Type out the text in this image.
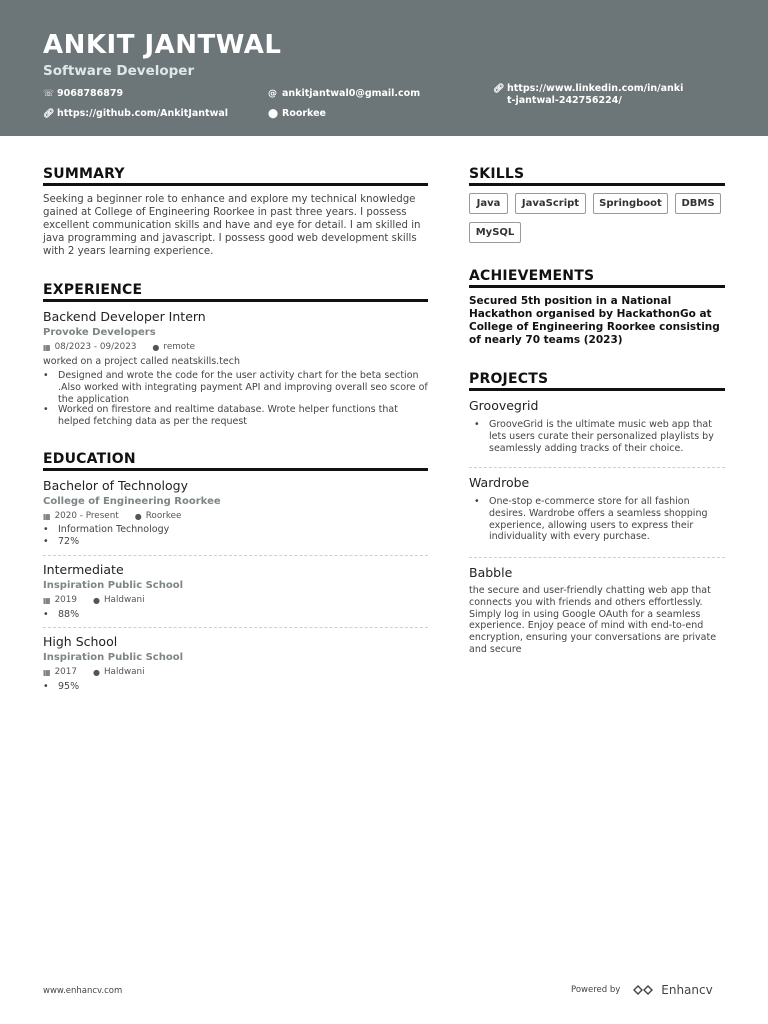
ANKIT JANTWAL
Software Developer
☏ 9068786879	@ ankitjantwal0@gmail.com	🔗︎ https://www.linkedin.com/in/ankit-jantwal-242756224/
🔗︎ https://github.com/AnkitJantwal	⬤ Roorkee
SUMMARY
Seeking a beginner role to enhance and explore my technical knowledge gained at College of Engineering Roorkee in past three years. I possess excellent communication skills and have and eye for detail. I am skilled in java programming and javascript. I possess good web development skills with 2 years learning experience.
EXPERIENCE
Backend Developer Intern
Provoke Developers
▦ 08/2023 - 09/2023 ● remote
worked on a project called neatskills.tech
• Designed and wrote the code for the user activity chart for the beta section .Also worked with integrating payment API and improving overall seo score of the application
• Worked on firestore and realtime database. Wrote helper functions that helped fetching data as per the request
EDUCATION
Bachelor of Technology
College of Engineering Roorkee
▦ 2020 - Present ● Roorkee
• Information Technology
• 72%
Intermediate
Inspiration Public School
▦ 2019 ● Haldwani
• 88%
High School
Inspiration Public School
▦ 2017 ● Haldwani
• 95%
SKILLS
Java	JavaScript	Springboot	DBMS
MySQL
ACHIEVEMENTS
Secured 5th position in a National Hackathon organised by HackathonGo at College of Engineering Roorkee consisting of nearly 70 teams (2023)
PROJECTS
Groovegrid
• GrooveGrid is the ultimate music web app that lets users curate their personalized playlists by seamlessly adding tracks of their choice.
Wardrobe
• One-stop e-commerce store for all fashion desires. Wardrobe offers a seamless shopping experience, allowing users to express their individuality with every purchase.
Babble
the secure and user-friendly chatting web app that connects you with friends and others effortlessly. Simply log in using Google OAuth for a seamless experience. Enjoy peace of mind with end-to-end encryption, ensuring your conversations are private and secure
www.enhancv.com	Powered by	Enhancv
